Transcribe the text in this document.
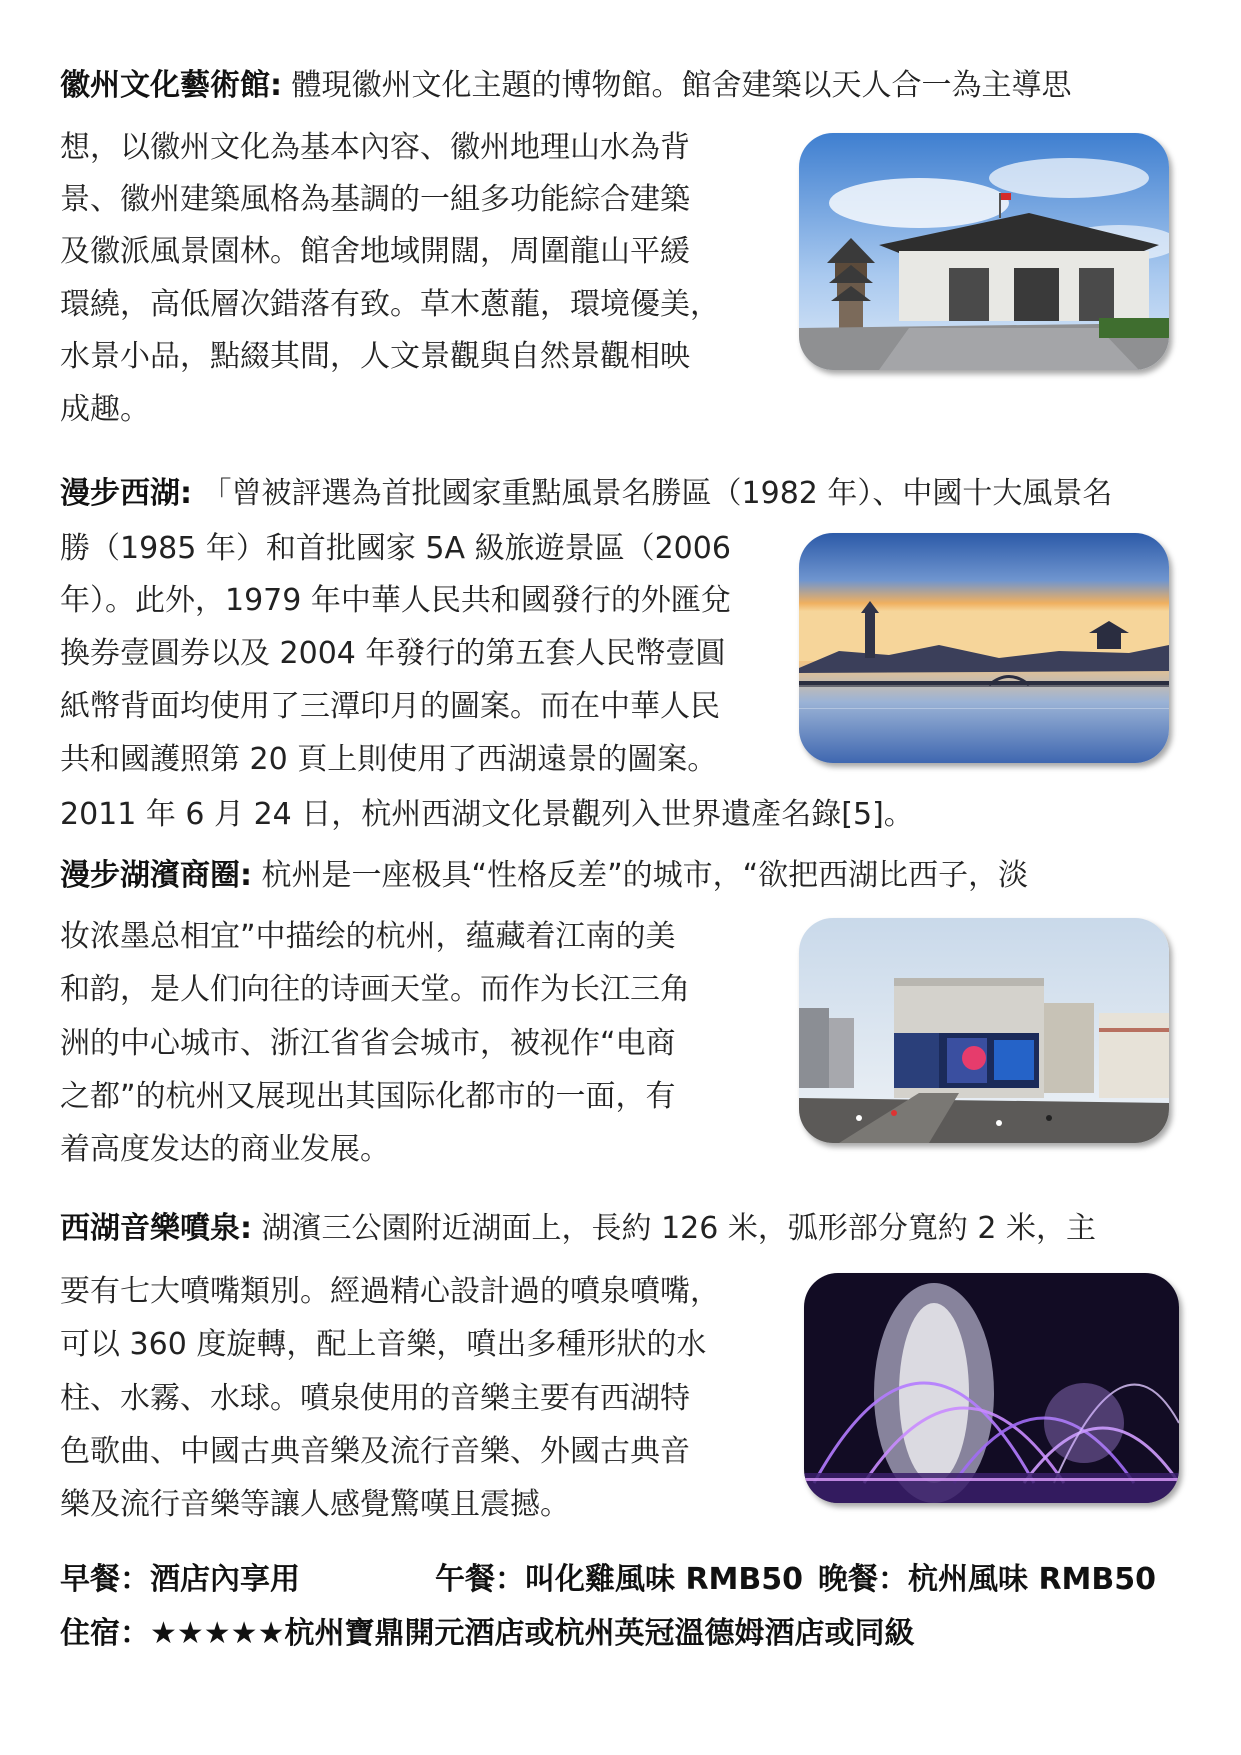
徽州文化藝術館: 體現徽州文化主題的博物館。館舍建築以天人合一為主導思

想，以徽州文化為基本內容、徽州地理山水為背

景、徽州建築風格為基調的一組多功能綜合建築

及徽派風景園林。館舍地域開闊，周圍龍山平緩

環繞，高低層次錯落有致。草木蔥蘢，環境優美，

水景小品，點綴其間，人文景觀與自然景觀相映

成趣。

漫步西湖: 「曾被評選為首批國家重點風景名勝區（1982 年）、中國十大風景名

勝（1985 年）和首批國家 5A 級旅遊景區（2006

年）。此外，1979 年中華人民共和國發行的外匯兌

換券壹圓券以及 2004 年發行的第五套人民幣壹圓

紙幣背面均使用了三潭印月的圖案。而在中華人民

共和國護照第 20 頁上則使用了西湖遠景的圖案。

2011 年 6 月 24 日，杭州西湖文化景觀列入世界遺產名錄[5]。

漫步湖濱商圈: 杭州是一座极具“性格反差”的城市，“欲把西湖比西子，淡

妆浓墨总相宜”中描绘的杭州，蕴藏着江南的美

和韵，是人们向往的诗画天堂。而作为长江三角

洲的中心城市、浙江省省会城市，被视作“电商

之都”的杭州又展现出其国际化都市的一面，有

着高度发达的商业发展。

西湖音樂噴泉: 湖濱三公園附近湖面上，長約 126 米，弧形部分寬約 2 米，主

要有七大噴嘴類別。經過精心設計過的噴泉噴嘴，

可以 360 度旋轉，配上音樂，噴出多種形狀的水

柱、水霧、水球。噴泉使用的音樂主要有西湖特

色歌曲、中國古典音樂及流行音樂、外國古典音

樂及流行音樂等讓人感覺驚嘆且震撼。

早餐：酒店內享用	午餐：叫化雞風味 RMB50 晚餐：杭州風味 RMB50
住宿：★★★★★杭州寶鼎開元酒店或杭州英冠溫德姆酒店或同級
